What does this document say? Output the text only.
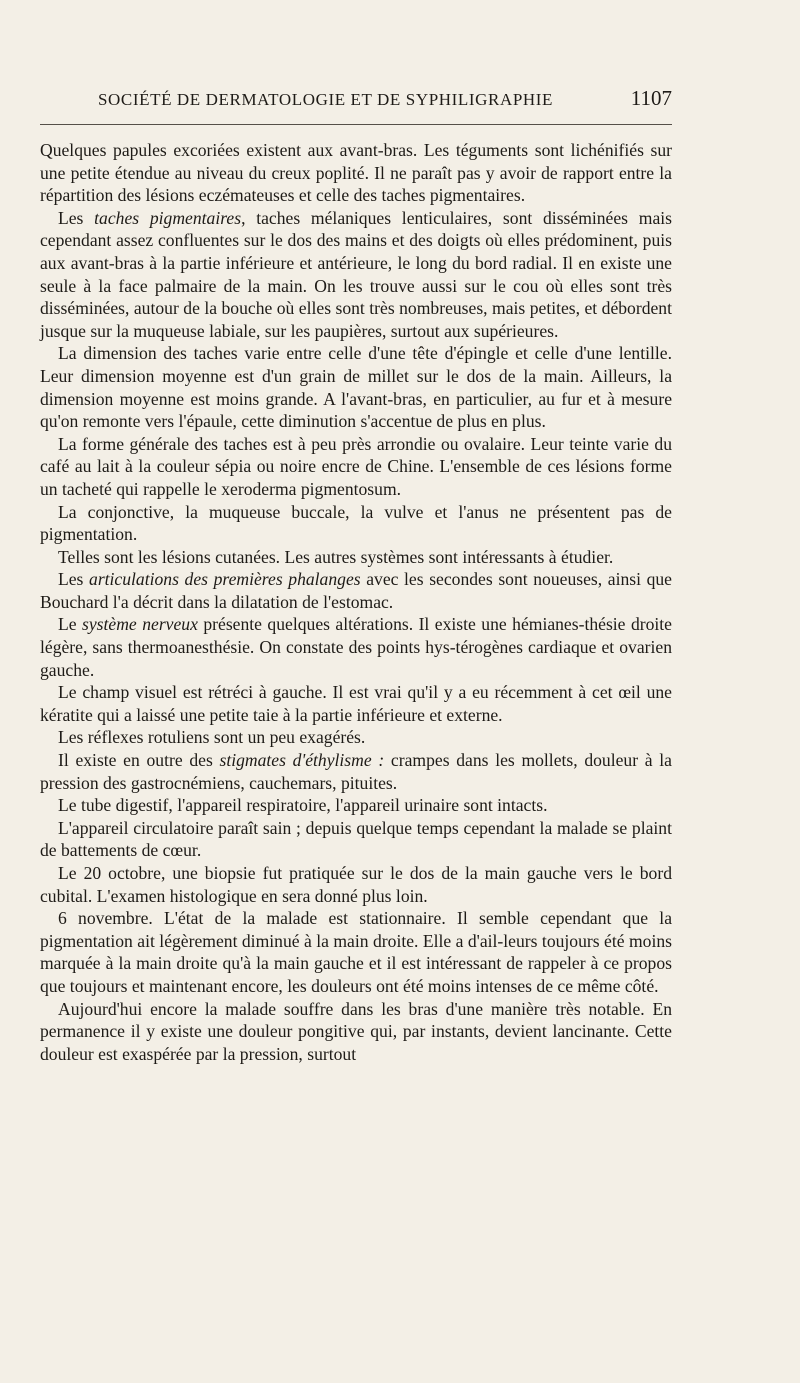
SOCIÉTÉ DE DERMATOLOGIE ET DE SYPHILIGRAPHIE	1107

Quelques papules excoriées existent aux avant-bras. Les téguments sont lichénifiés sur une petite étendue au niveau du creux poplité. Il ne paraît pas y avoir de rapport entre la répartition des lésions eczémateuses et celle des taches pigmentaires.

Les taches pigmentaires, taches mélaniques lenticulaires, sont disséminées mais cependant assez confluentes sur le dos des mains et des doigts où elles prédominent, puis aux avant-bras à la partie inférieure et antérieure, le long du bord radial. Il en existe une seule à la face palmaire de la main. On les trouve aussi sur le cou où elles sont très disséminées, autour de la bouche où elles sont très nombreuses, mais petites, et débordent jusque sur la muqueuse labiale, sur les paupières, surtout aux supérieures.

La dimension des taches varie entre celle d'une tête d'épingle et celle d'une lentille. Leur dimension moyenne est d'un grain de millet sur le dos de la main. Ailleurs, la dimension moyenne est moins grande. A l'avant-bras, en particulier, au fur et à mesure qu'on remonte vers l'épaule, cette diminution s'accentue de plus en plus.

La forme générale des taches est à peu près arrondie ou ovalaire. Leur teinte varie du café au lait à la couleur sépia ou noire encre de Chine. L'ensemble de ces lésions forme un tacheté qui rappelle le xeroderma pigmentosum.

La conjonctive, la muqueuse buccale, la vulve et l'anus ne présentent pas de pigmentation.

Telles sont les lésions cutanées. Les autres systèmes sont intéressants à étudier.

Les articulations des premières phalanges avec les secondes sont noueuses, ainsi que Bouchard l'a décrit dans la dilatation de l'estomac.

Le système nerveux présente quelques altérations. Il existe une hémianes-thésie droite légère, sans thermoanesthésie. On constate des points hys-térogènes cardiaque et ovarien gauche.

Le champ visuel est rétréci à gauche. Il est vrai qu'il y a eu récemment à cet œil une kératite qui a laissé une petite taie à la partie inférieure et externe.

Les réflexes rotuliens sont un peu exagérés.

Il existe en outre des stigmates d'éthylisme : crampes dans les mollets, douleur à la pression des gastrocnémiens, cauchemars, pituites.

Le tube digestif, l'appareil respiratoire, l'appareil urinaire sont intacts.

L'appareil circulatoire paraît sain ; depuis quelque temps cependant la malade se plaint de battements de cœur.

Le 20 octobre, une biopsie fut pratiquée sur le dos de la main gauche vers le bord cubital. L'examen histologique en sera donné plus loin.

6 novembre. L'état de la malade est stationnaire. Il semble cependant que la pigmentation ait légèrement diminué à la main droite. Elle a d'ail-leurs toujours été moins marquée à la main droite qu'à la main gauche et il est intéressant de rappeler à ce propos que toujours et maintenant encore, les douleurs ont été moins intenses de ce même côté.

Aujourd'hui encore la malade souffre dans les bras d'une manière très notable. En permanence il y existe une douleur pongitive qui, par instants, devient lancinante. Cette douleur est exaspérée par la pression, surtout
